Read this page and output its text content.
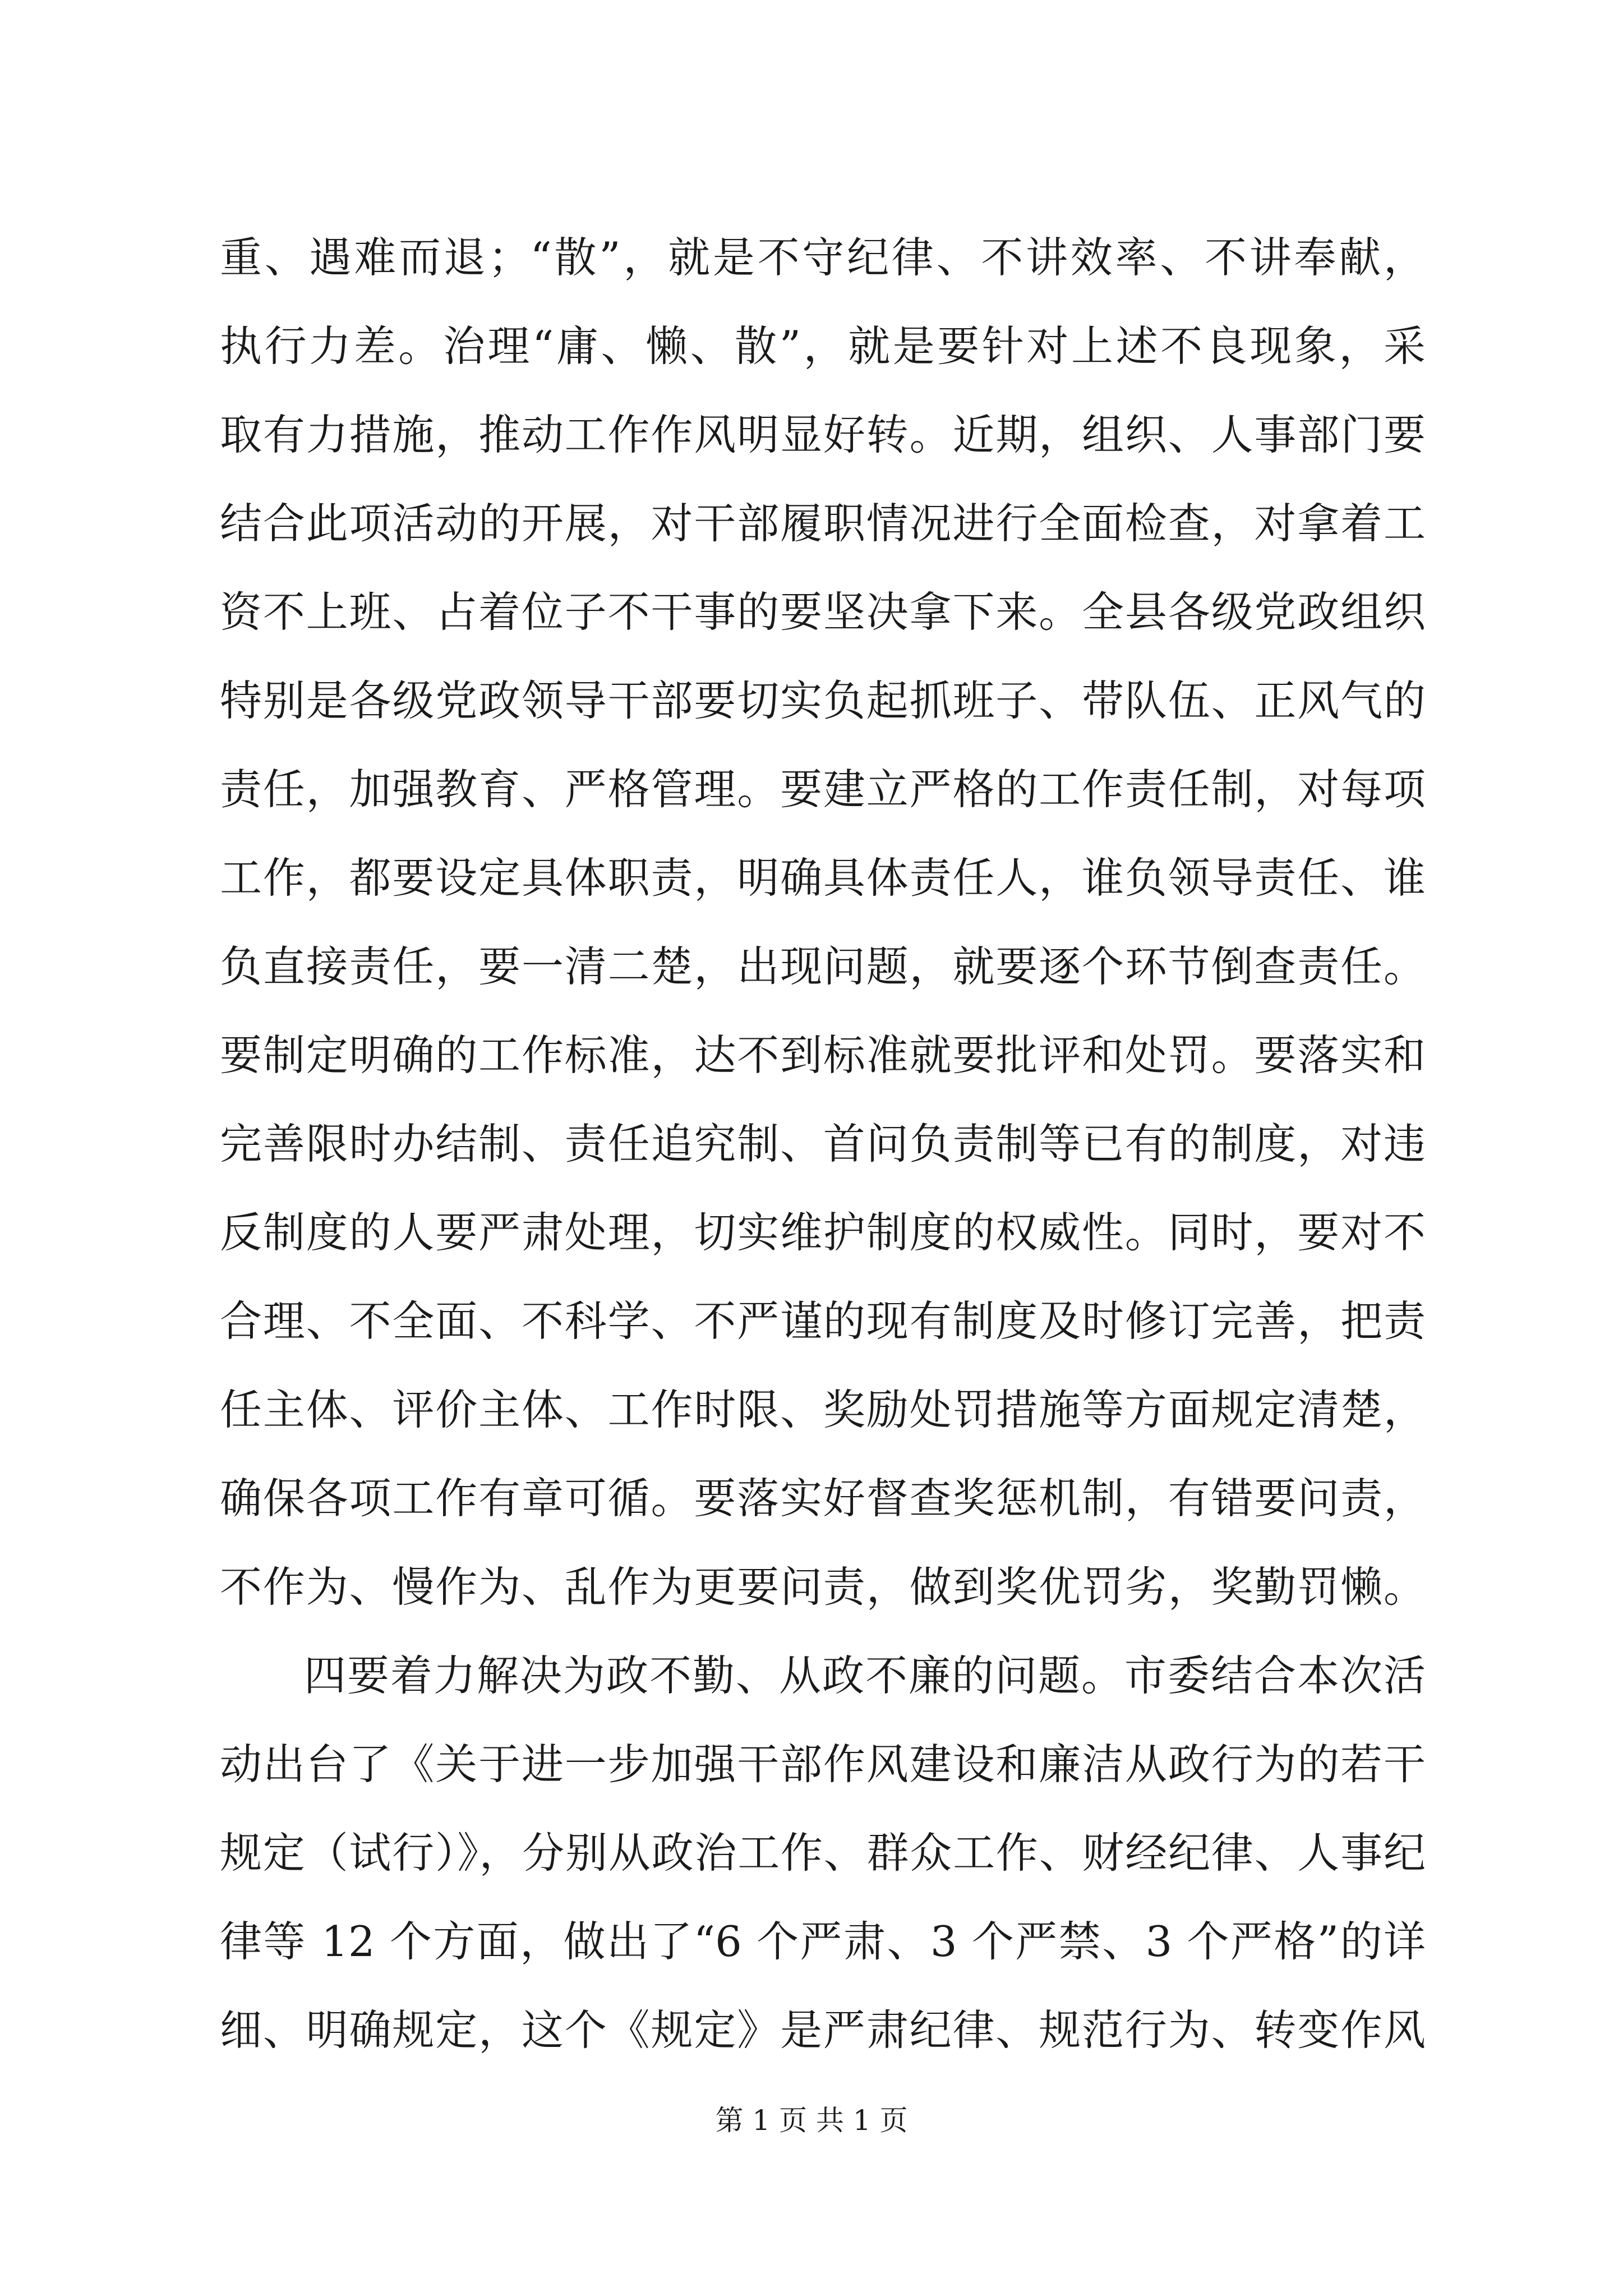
重、遇难而退；“散”，就是不守纪律、不讲效率、不讲奉献，
执行力差。治理“庸、懒、散”，就是要针对上述不良现象，采
取有力措施，推动工作作风明显好转。近期，组织、人事部门要
结合此项活动的开展，对干部履职情况进行全面检查，对拿着工
资不上班、占着位子不干事的要坚决拿下来。全县各级党政组织
特别是各级党政领导干部要切实负起抓班子、带队伍、正风气的
责任，加强教育、严格管理。要建立严格的工作责任制，对每项
工作，都要设定具体职责，明确具体责任人，谁负领导责任、谁
负直接责任，要一清二楚，出现问题，就要逐个环节倒查责任。
要制定明确的工作标准，达不到标准就要批评和处罚。要落实和
完善限时办结制、责任追究制、首问负责制等已有的制度，对违
反制度的人要严肃处理，切实维护制度的权威性。同时，要对不
合理、不全面、不科学、不严谨的现有制度及时修订完善，把责
任主体、评价主体、工作时限、奖励处罚措施等方面规定清楚，
确保各项工作有章可循。要落实好督查奖惩机制，有错要问责，
不作为、慢作为、乱作为更要问责，做到奖优罚劣，奖勤罚懒。
四要着力解决为政不勤、从政不廉的问题。市委结合本次活
动出台了《关于进一步加强干部作风建设和廉洁从政行为的若干
规定（试行）》，分别从政治工作、群众工作、财经纪律、人事纪
律等 12 个方面，做出了“6 个严肃、3 个严禁、3 个严格”的详
细、明确规定，这个《规定》是严肃纪律、规范行为、转变作风
第 1 页 共 1 页
